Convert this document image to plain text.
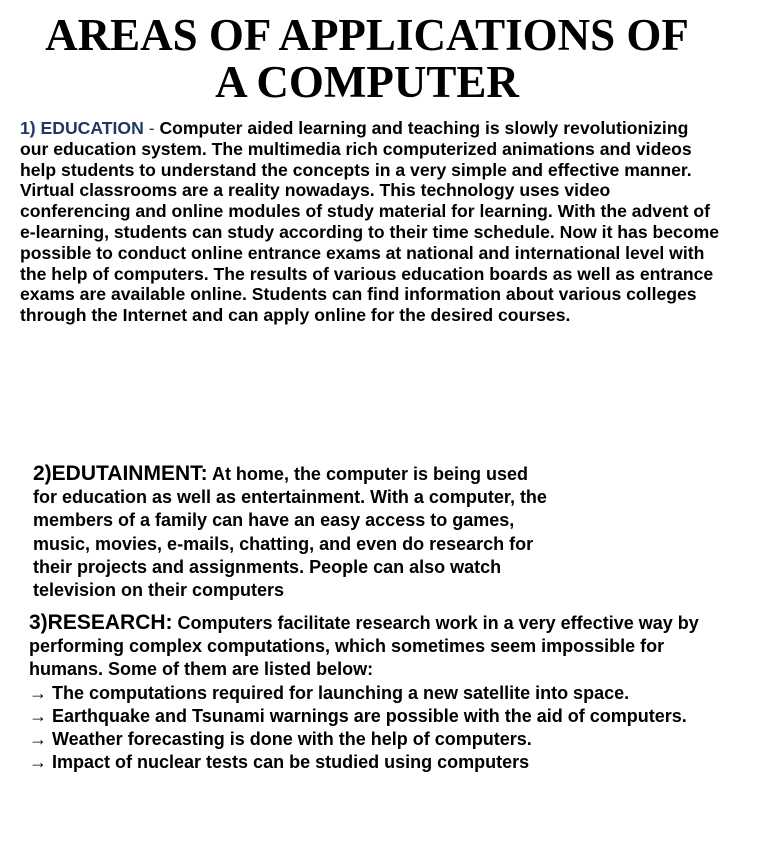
AREAS OF APPLICATIONS OF
A COMPUTER

1) EDUCATION - Computer aided learning and teaching is slowly revolutionizing our education system. The multimedia rich computerized animations and videos help students to understand the concepts in a very simple and effective manner. Virtual classrooms are a reality nowadays. This technology uses video conferencing and online modules of study material for learning. With the advent of e-learning, students can study according to their time schedule. Now it has become possible to conduct online entrance exams at national and international level with the help of computers. The results of various education boards as well as entrance exams are available online. Students can find information about various colleges through the Internet and can apply online for the desired courses.

2)EDUTAINMENT: At home, the computer is being used for education as well as entertainment. With a computer, the members of a family can have an easy access to games, music, movies, e-mails, chatting, and even do research for their projects and assignments. People can also watch television on their computers

3)RESEARCH: Computers facilitate research work in a very effective way by performing complex computations, which sometimes seem impossible for humans. Some of them are listed below:
→ The computations required for launching a new satellite into space.
→ Earthquake and Tsunami warnings are possible with the aid of computers.
→ Weather forecasting is done with the help of computers.
→ Impact of nuclear tests can be studied using computers
